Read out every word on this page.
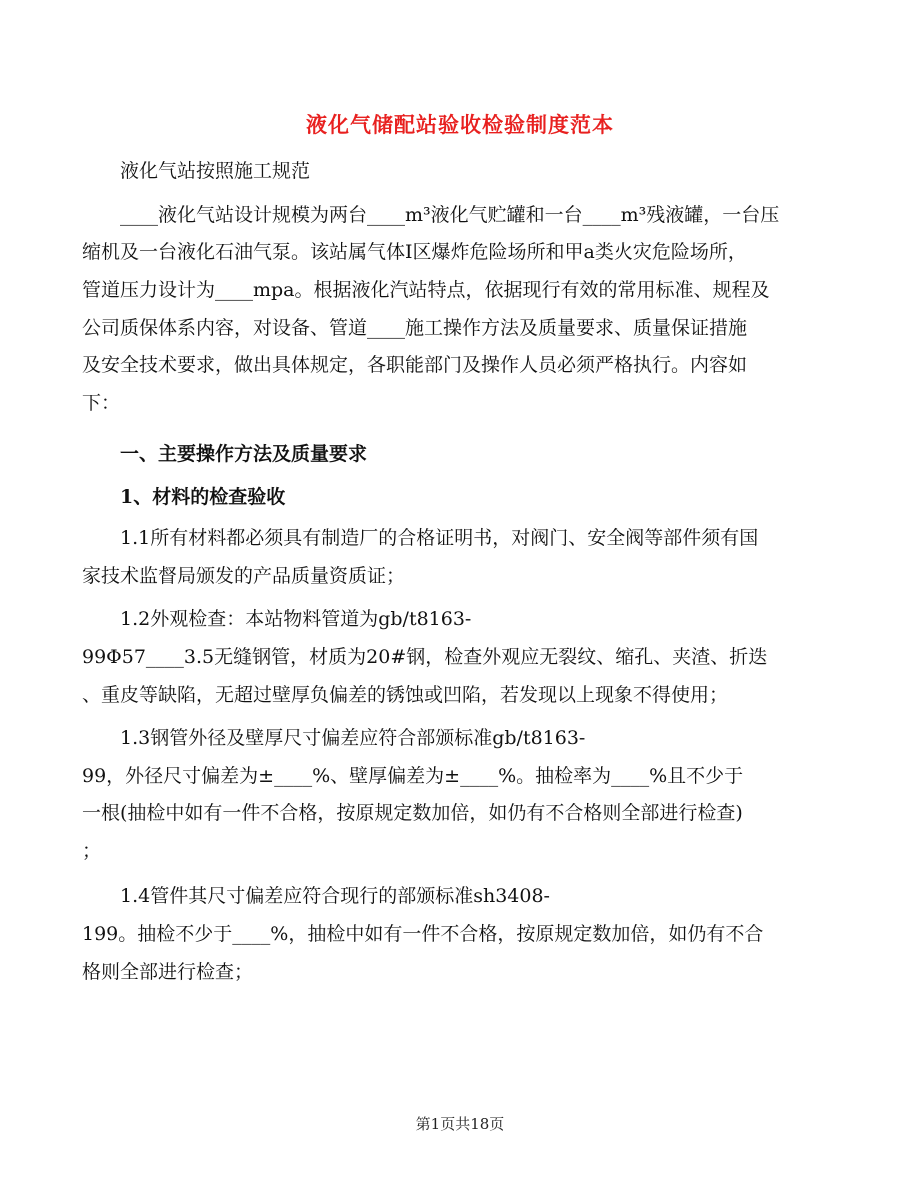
液化气储配站验收检验制度范本
液化气站按照施工规范
____液化气站设计规模为两台____m³液化气贮罐和一台____m³残液罐，一台压
缩机及一台液化石油气泵。该站属气体Ⅰ区爆炸危险场所和甲a类火灾危险场所，
管道压力设计为____mpa。根据液化汽站特点，依据现行有效的常用标准、规程及
公司质保体系内容，对设备、管道____施工操作方法及质量要求、质量保证措施
及安全技术要求，做出具体规定，各职能部门及操作人员必须严格执行。内容如
下：
一、主要操作方法及质量要求
1、材料的检查验收
1.1所有材料都必须具有制造厂的合格证明书，对阀门、安全阀等部件须有国
家技术监督局颁发的产品质量资质证；
1.2外观检查：本站物料管道为gb/t8163-
99Φ57____3.5无缝钢管，材质为20#钢，检查外观应无裂纹、缩孔、夹渣、折迭
、重皮等缺陷，无超过壁厚负偏差的锈蚀或凹陷，若发现以上现象不得使用；
1.3钢管外径及壁厚尺寸偏差应符合部颁标准gb/t8163-
99，外径尺寸偏差为±____%、壁厚偏差为±____%。抽检率为____%且不少于
一根(抽检中如有一件不合格，按原规定数加倍，如仍有不合格则全部进行检查)
；
1.4管件其尺寸偏差应符合现行的部颁标准sh3408-
199。抽检不少于____%，抽检中如有一件不合格，按原规定数加倍，如仍有不合
格则全部进行检查；
第1页共18页
